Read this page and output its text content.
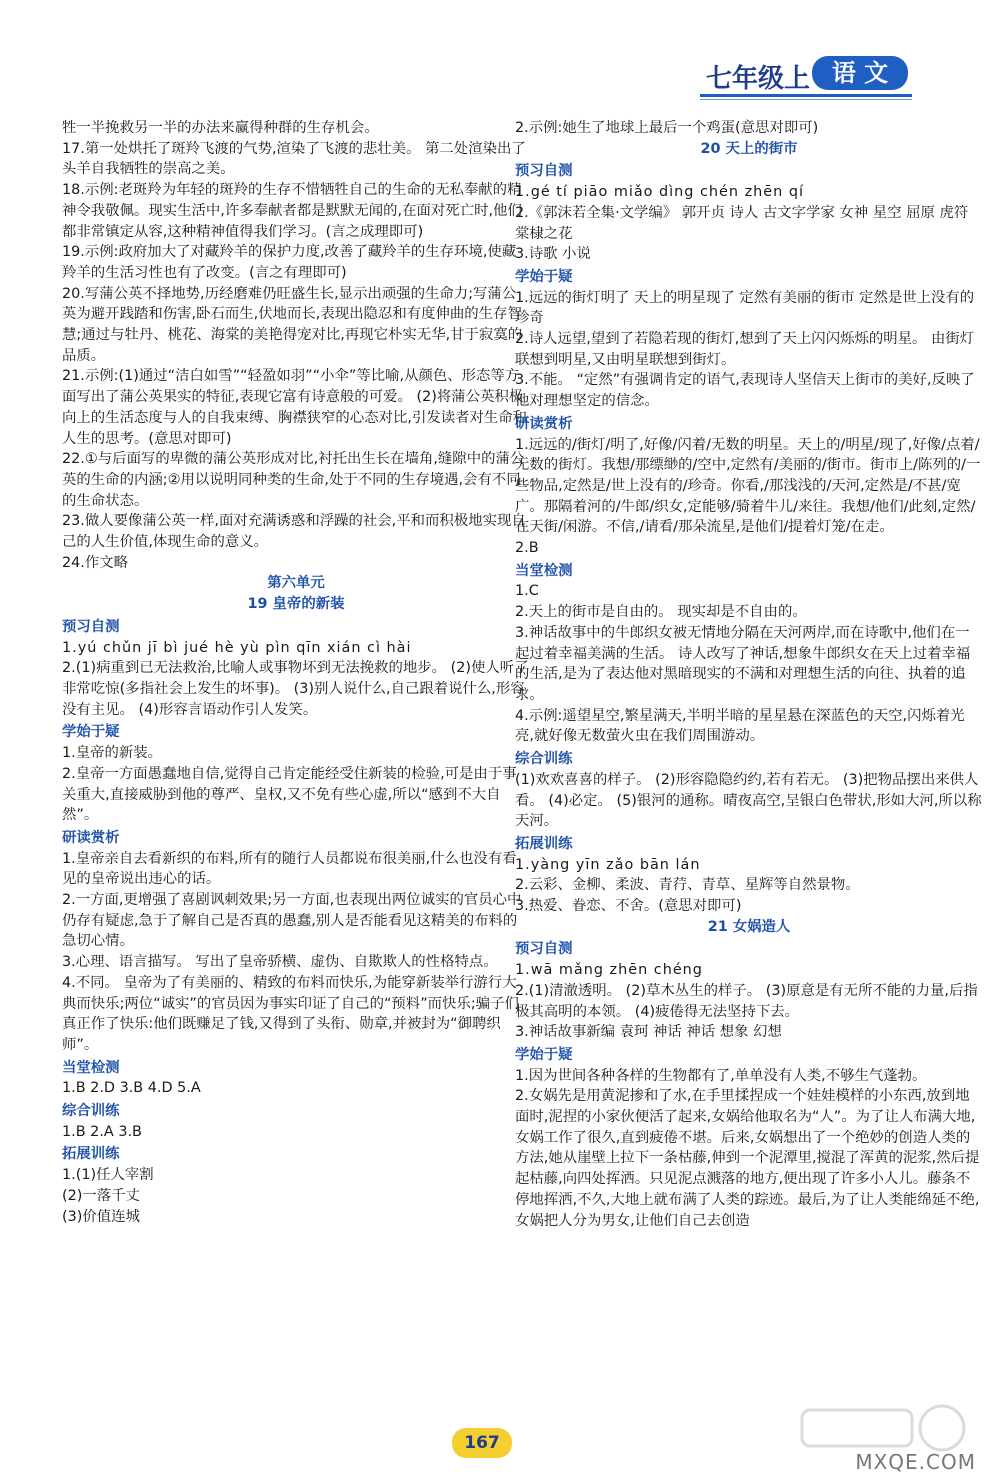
七年级上 语 文

牲一半挽救另一半的办法来赢得种群的生存机会。

17.第一处烘托了斑羚飞渡的气势,渲染了飞渡的悲壮美。 第二处渲染出了头羊自我牺牲的崇高之美。

18.示例:老斑羚为年轻的斑羚的生存不惜牺牲自己的生命的无私奉献的精神令我敬佩。现实生活中,许多奉献者都是默默无闻的,在面对死亡时,他们都非常镇定从容,这种精神值得我们学习。(言之成理即可)

19.示例:政府加大了对藏羚羊的保护力度,改善了藏羚羊的生存环境,使藏羚羊的生活习性也有了改变。(言之有理即可)

20.写蒲公英不择地势,历经磨难仍旺盛生长,显示出顽强的生命力;写蒲公英为避开践踏和伤害,卧石而生,伏地而长,表现出隐忍和有度伸曲的生存智慧;通过与牡丹、桃花、海棠的美艳得宠对比,再现它朴实无华,甘于寂寞的品质。

21.示例:(1)通过“洁白如雪”“轻盈如羽”“小伞”等比喻,从颜色、形态等方面写出了蒲公英果实的特征,表现它富有诗意般的可爱。 (2)将蒲公英积极向上的生活态度与人的自我束缚、胸襟狭窄的心态对比,引发读者对生命和人生的思考。(意思对即可)

22.①与后面写的卑微的蒲公英形成对比,衬托出生长在墙角,缝隙中的蒲公英的生命的内涵;②用以说明同种类的生命,处于不同的生存境遇,会有不同的生命状态。

23.做人要像蒲公英一样,面对充满诱惑和浮躁的社会,平和而积极地实现自己的人生价值,体现生命的意义。

24.作文略

第六单元

19 皇帝的新装

预习自测

1.yú chǔn jī bì jué hè yù pìn qīn xián cì hài

2.(1)病重到已无法救治,比喻人或事物坏到无法挽救的地步。 (2)使人听了非常吃惊(多指社会上发生的坏事)。 (3)别人说什么,自己跟着说什么,形容没有主见。 (4)形容言语动作引人发笑。

学始于疑

1.皇帝的新装。

2.皇帝一方面愚蠢地自信,觉得自己肯定能经受住新装的检验,可是由于事关重大,直接威胁到他的尊严、皇权,又不免有些心虚,所以“感到不大自然”。

研读赏析

1.皇帝亲自去看新织的布料,所有的随行人员都说布很美丽,什么也没有看见的皇帝说出违心的话。

2.一方面,更增强了喜剧讽刺效果;另一方面,也表现出两位诚实的官员心中仍存有疑虑,急于了解自己是否真的愚蠢,别人是否能看见这精美的布料的急切心情。

3.心理、语言描写。 写出了皇帝骄横、虚伪、自欺欺人的性格特点。

4.不同。 皇帝为了有美丽的、精致的布料而快乐,为能穿新装举行游行大典而快乐;两位“诚实”的官员因为事实印证了自己的“预料”而快乐;骗子们真正作了快乐:他们既赚足了钱,又得到了头衔、勋章,并被封为“御聘织师”。

当堂检测

1.B 2.D 3.B 4.D 5.A

综合训练

1.B 2.A 3.B

拓展训练

1.(1)任人宰割

(2)一落千丈

(3)价值连城

2.示例:她生了地球上最后一个鸡蛋(意思对即可)

20 天上的街市

预习自测

1.gé tí piāo miǎo dìng chén zhēn qí

2.《郭沫若全集·文学编》 郭开贞 诗人 古文字学家 女神 星空 屈原 虎符 棠棣之花

3.诗歌 小说

学始于疑

1.远远的街灯明了 天上的明星现了 定然有美丽的街市 定然是世上没有的珍奇

2.诗人远望,望到了若隐若现的街灯,想到了天上闪闪烁烁的明星。 由街灯联想到明星,又由明星联想到街灯。

3.不能。 “定然”有强调肯定的语气,表现诗人坚信天上街市的美好,反映了他对理想坚定的信念。

研读赏析

1.远远的/街灯/明了,好像/闪着/无数的明星。天上的/明星/现了,好像/点着/无数的街灯。我想/那缥缈的/空中,定然有/美丽的/街市。街市上/陈列的/一些物品,定然是/世上没有的/珍奇。你看,/那浅浅的/天河,定然是/不甚/宽广。那隔着河的/牛郎/织女,定能够/骑着牛儿/来往。我想/他们/此刻,定然/在天街/闲游。不信,/请看/那朵流星,是他们/提着灯笼/在走。

2.B

当堂检测

1.C

2.天上的街市是自由的。 现实却是不自由的。

3.神话故事中的牛郎织女被无情地分隔在天河两岸,而在诗歌中,他们在一起过着幸福美满的生活。 诗人改写了神话,想象牛郎织女在天上过着幸福的生活,是为了表达他对黑暗现实的不满和对理想生活的向往、执着的追求。

4.示例:遥望星空,繁星满天,半明半暗的星星悬在深蓝色的天空,闪烁着光亮,就好像无数萤火虫在我们周围游动。

综合训练

(1)欢欢喜喜的样子。 (2)形容隐隐约约,若有若无。 (3)把物品摆出来供人看。 (4)必定。 (5)银河的通称。晴夜高空,呈银白色带状,形如大河,所以称天河。

拓展训练

1.yàng yīn zǎo bān lán

2.云彩、金柳、柔波、青荇、青草、星辉等自然景物。

3.热爱、眷恋、不舍。(意思对即可)

21 女娲造人

预习自测

1.wā mǎng zhēn chéng

2.(1)清澈透明。 (2)草木丛生的样子。 (3)原意是有无所不能的力量,后指极其高明的本领。 (4)疲倦得无法坚持下去。

3.神话故事新编 袁珂 神话 神话 想象 幻想

学始于疑

1.因为世间各种各样的生物都有了,单单没有人类,不够生气蓬勃。

2.女娲先是用黄泥掺和了水,在手里揉捏成一个娃娃模样的小东西,放到地面时,泥捏的小家伙便活了起来,女娲给他取名为“人”。为了让人布满大地,女娲工作了很久,直到疲倦不堪。后来,女娲想出了一个绝妙的创造人类的方法,她从崖壁上拉下一条枯藤,伸到一个泥潭里,搅混了浑黄的泥浆,然后提起枯藤,向四处挥洒。只见泥点溅落的地方,便出现了许多小人儿。藤条不停地挥洒,不久,大地上就布满了人类的踪迹。最后,为了让人类能绵延不绝,女娲把人分为男女,让他们自己去创造

167
MXQE.COM
